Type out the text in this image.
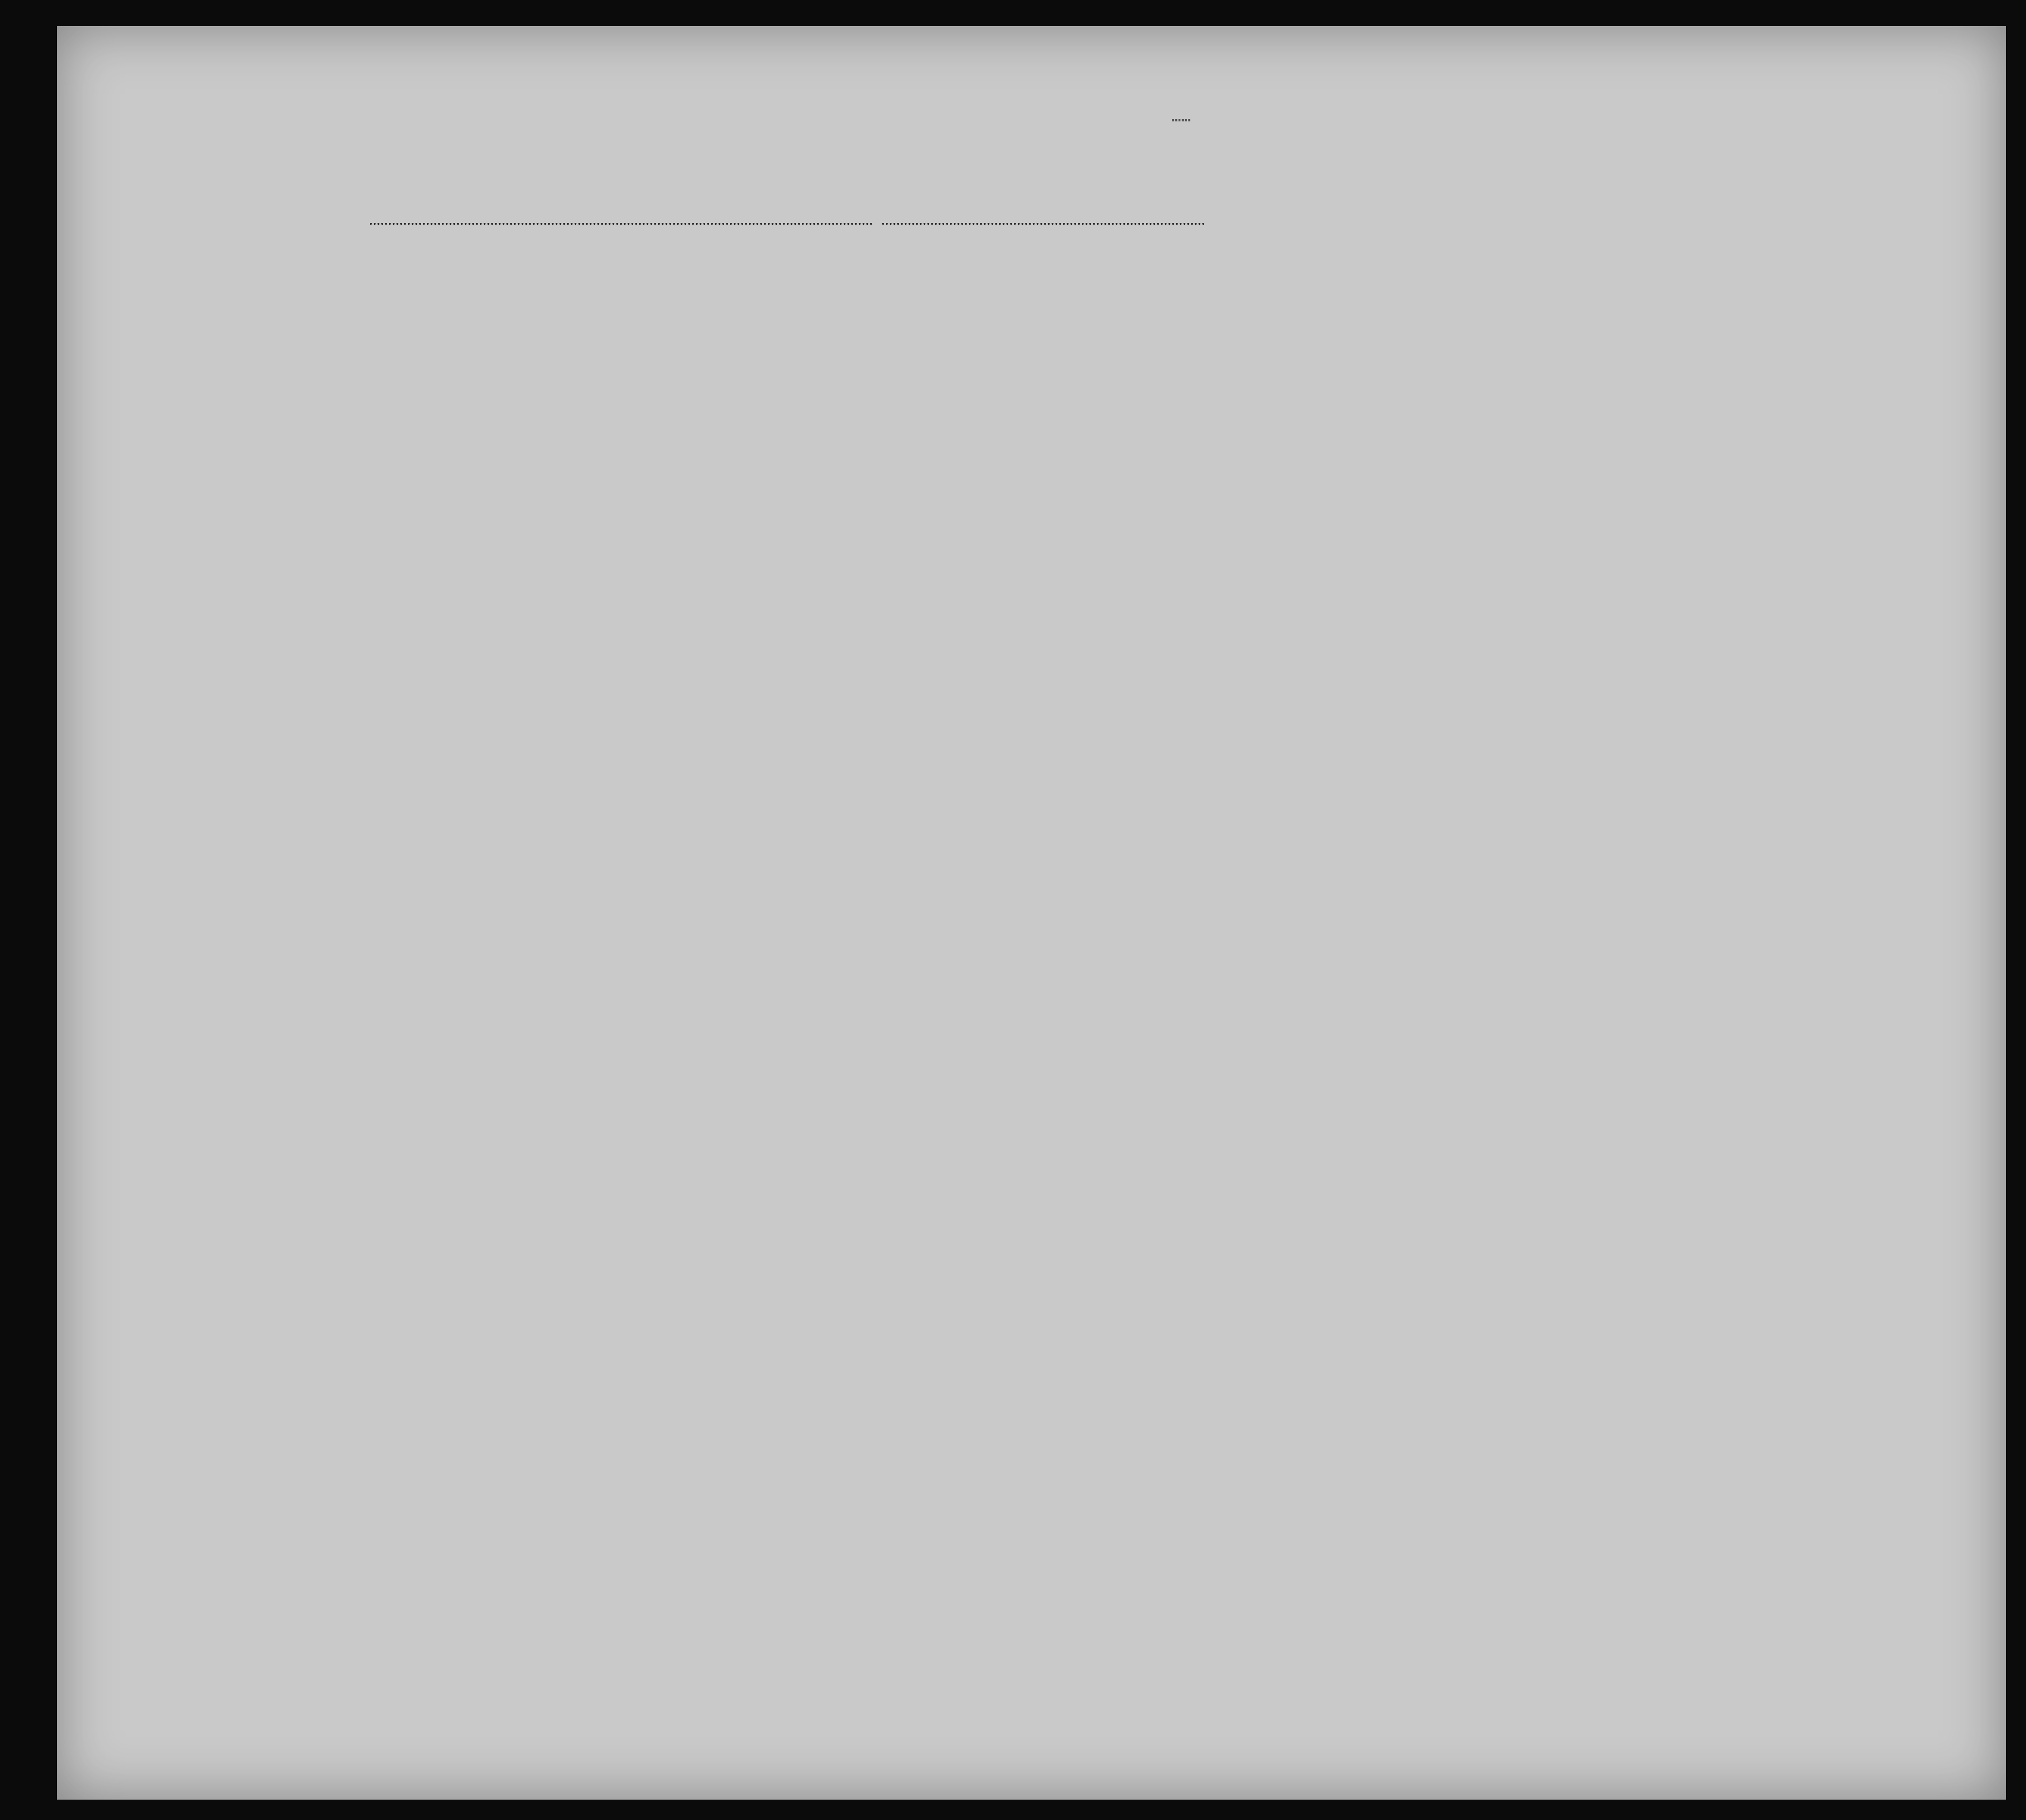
……
